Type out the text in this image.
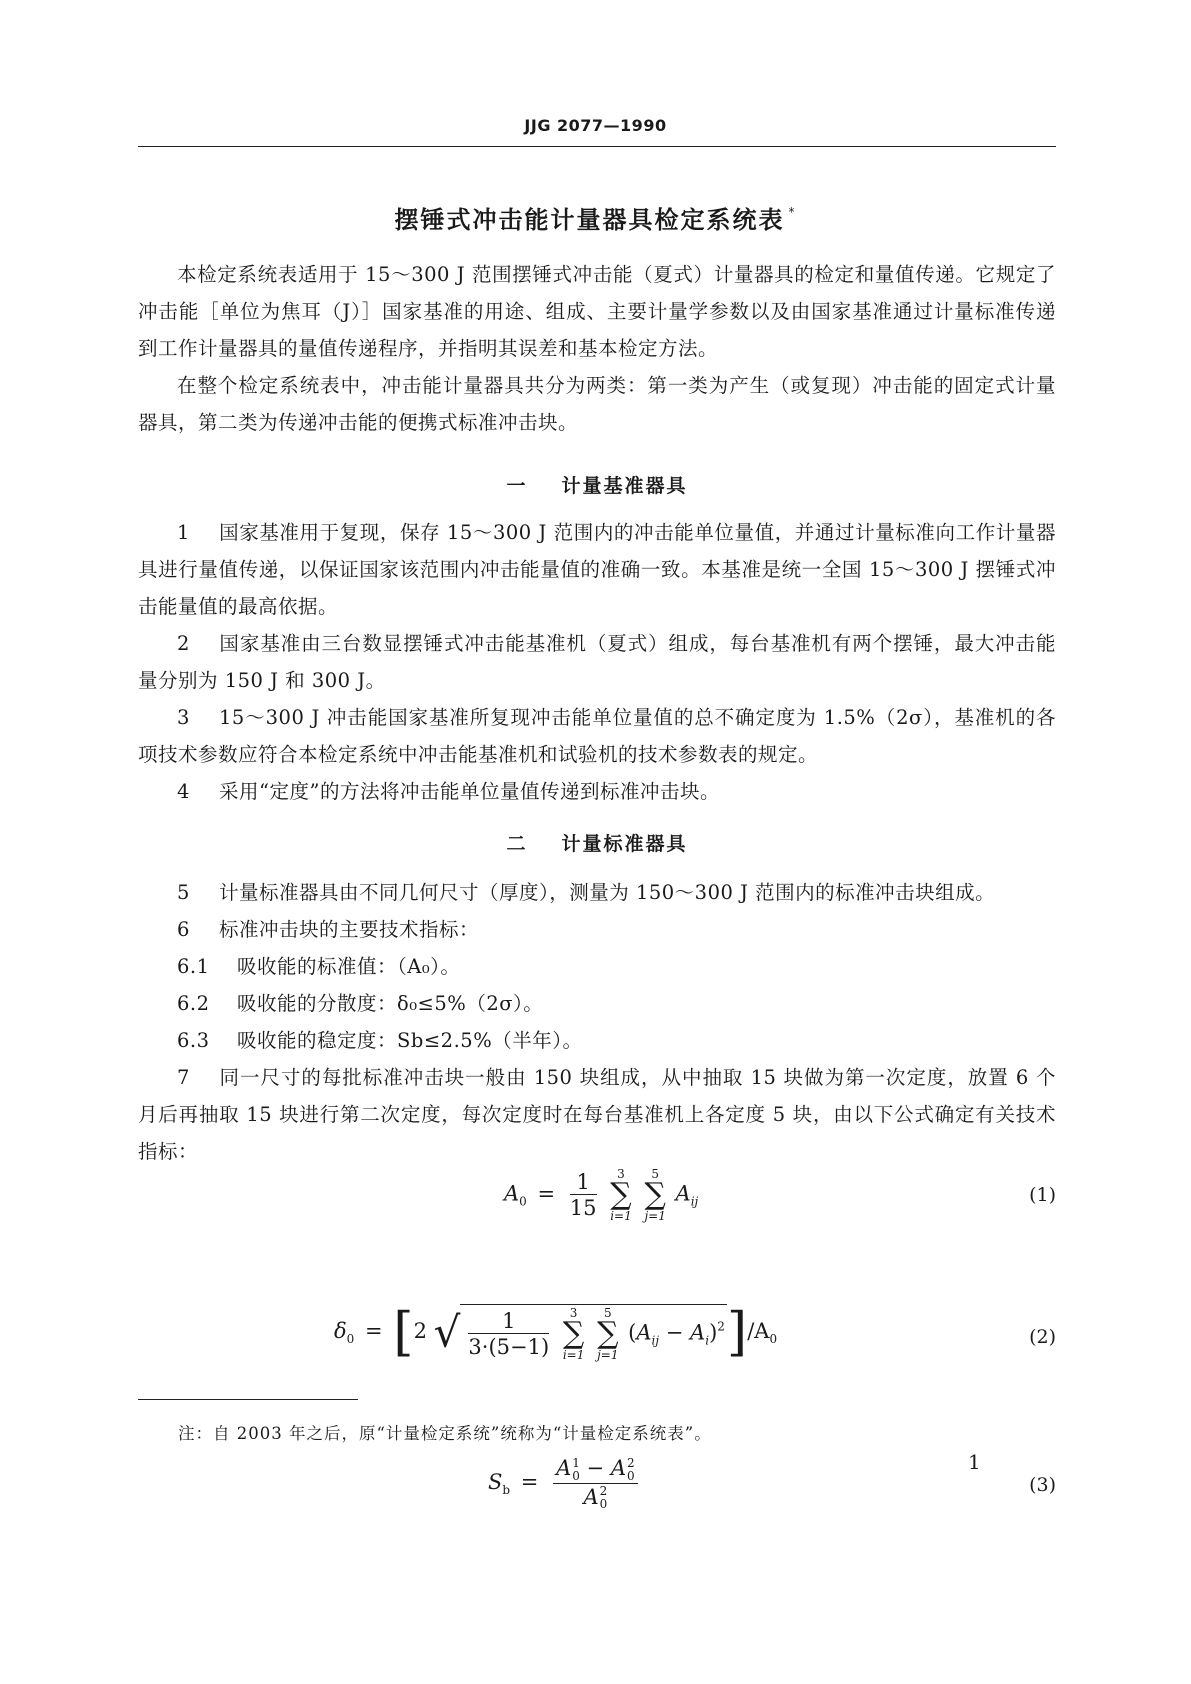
JJG 2077—1990
摆锤式冲击能计量器具检定系统表 *

本检定系统表适用于 15～300 J 范围摆锤式冲击能（夏式）计量器具的检定和量值传递。它规定了冲击能［单位为焦耳（J）］国家基准的用途、组成、主要计量学参数以及由国家基准通过计量标准传递到工作计量器具的量值传递程序，并指明其误差和基本检定方法。

在整个检定系统表中，冲击能计量器具共分为两类：第一类为产生（或复现）冲击能的固定式计量器具，第二类为传递冲击能的便携式标准冲击块。

一 计量基准器具

1 国家基准用于复现，保存 15～300 J 范围内的冲击能单位量值，并通过计量标准向工作计量器具进行量值传递，以保证国家该范围内冲击能量值的准确一致。本基准是统一全国 15～300 J 摆锤式冲击能量值的最高依据。

2 国家基准由三台数显摆锤式冲击能基准机（夏式）组成，每台基准机有两个摆锤，最大冲击能量分别为 150 J 和 300 J。

3 15～300 J 冲击能国家基准所复现冲击能单位量值的总不确定度为 1.5%（2σ），基准机的各项技术参数应符合本检定系统中冲击能基准机和试验机的技术参数表的规定。

4 采用“定度”的方法将冲击能单位量值传递到标准冲击块。

二 计量标准器具

5 计量标准器具由不同几何尺寸（厚度），测量为 150～300 J 范围内的标准冲击块组成。

6 标准冲击块的主要技术指标：

6.1 吸收能的标准值：（A₀）。

6.2 吸收能的分散度：δ₀≤5%（2σ）。

6.3 吸收能的稳定度：Sb≤2.5%（半年）。

7 同一尺寸的每批标准冲击块一般由 150 块组成，从中抽取 15 块做为第一次定度，放置 6 个月后再抽取 15 块进行第二次定度，每次定度时在每台基准机上各定度 5 块，由以下公式确定有关技术指标：

$A_0 = \frac{1}{15}$
	3
∑
i=1

5
∑
j=1
$A_{ij}$	(1)
$\delta_0 = [2$ √ $\frac{1}{3\cdot(5-1)}$
	3
∑
i=1

5
∑
j=1
$(A_{ij} - A_i)^2]/A_0$	(2)
$S_b$ =
A1
0 − A2
0
A2
0
(3)
注：自 2003 年之后，原“计量检定系统”统称为“计量检定系统表”。
1
